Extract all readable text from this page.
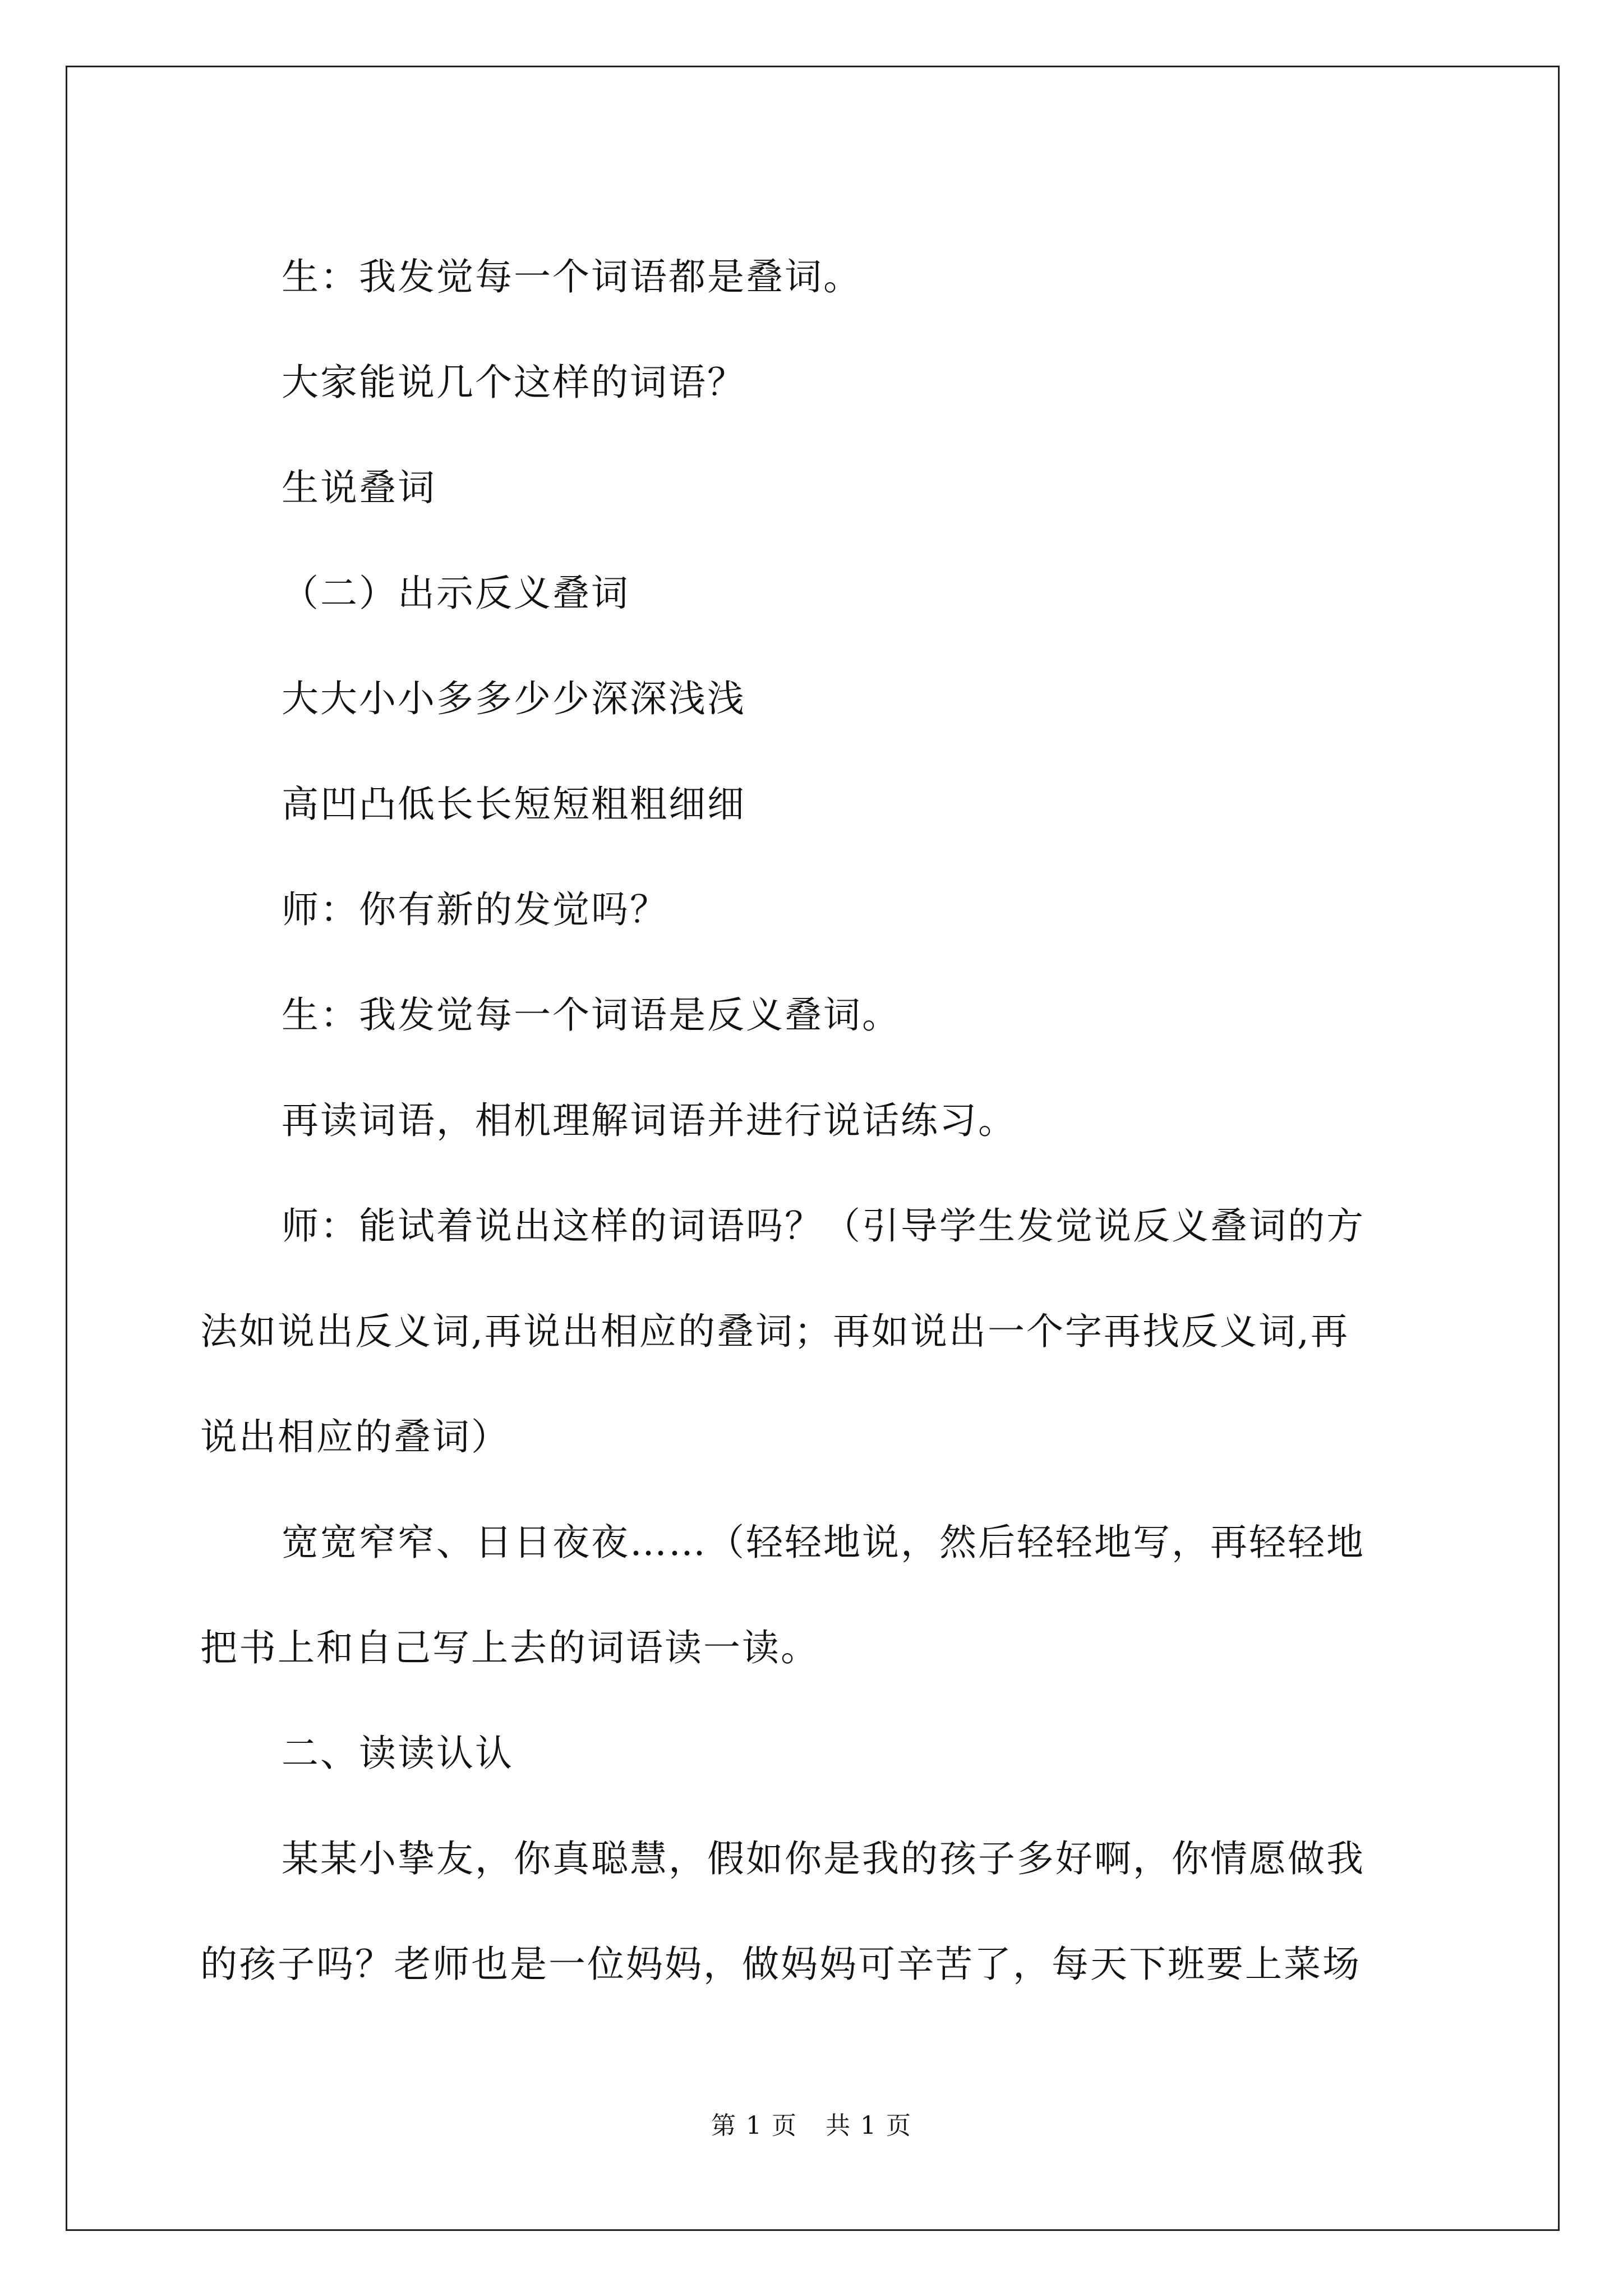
生：我发觉每一个词语都是叠词。

大家能说几个这样的词语？

生说叠词

（二）出示反义叠词

大大小小多多少少深深浅浅

高凹凸低长长短短粗粗细细

师：你有新的发觉吗？

生：我发觉每一个词语是反义叠词。

再读词语，相机理解词语并进行说话练习。

师：能试着说出这样的词语吗？（引导学生发觉说反义叠词的方

法如说出反义词,再说出相应的叠词；再如说出一个字再找反义词,再

说出相应的叠词）

宽宽窄窄、日日夜夜……（轻轻地说，然后轻轻地写，再轻轻地

把书上和自己写上去的词语读一读。

二、读读认认

某某小挚友，你真聪慧，假如你是我的孩子多好啊，你情愿做我

的孩子吗？老师也是一位妈妈，做妈妈可辛苦了，每天下班要上菜场

第 1 页 共 1 页
